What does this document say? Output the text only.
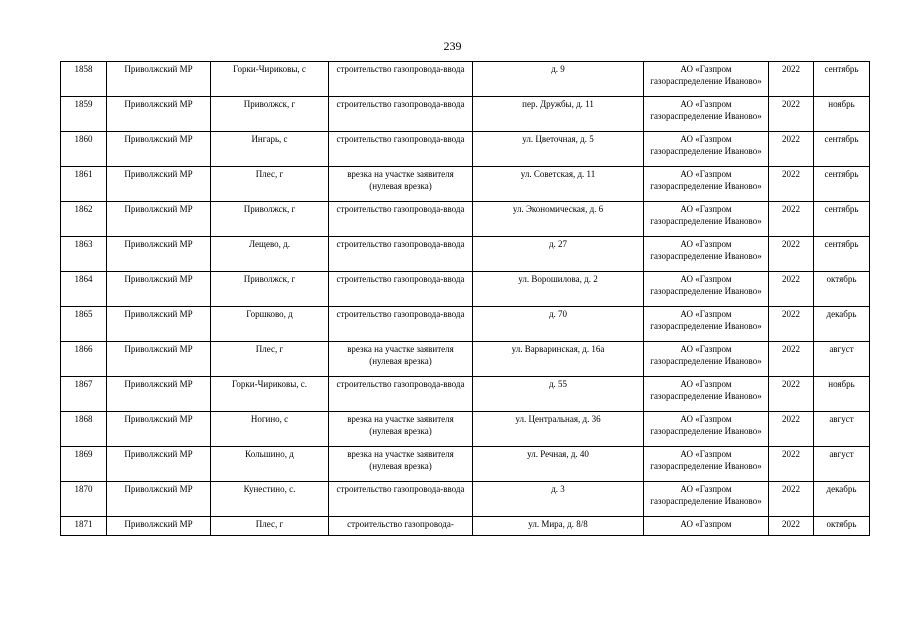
239
1858	Приволжский МР	Горки-Чириковы, с	строительство газопровода-ввода	д. 9	АО «Газпром газораспределение Иваново»	2022	сентябрь
1859	Приволжский МР	Приволжск, г	строительство газопровода-ввода	пер. Дружбы, д. 11	АО «Газпром газораспределение Иваново»	2022	ноябрь
1860	Приволжский МР	Ингарь, с	строительство газопровода-ввода	ул. Цветочная, д. 5	АО «Газпром газораспределение Иваново»	2022	сентябрь
1861	Приволжский МР	Плес, г	врезка на участке заявителя (нулевая врезка)	ул. Советская, д. 11	АО «Газпром газораспределение Иваново»	2022	сентябрь
1862	Приволжский МР	Приволжск, г	строительство газопровода-ввода	ул. Экономическая, д. 6	АО «Газпром газораспределение Иваново»	2022	сентябрь
1863	Приволжский МР	Лещево, д.	строительство газопровода-ввода	д. 27	АО «Газпром газораспределение Иваново»	2022	сентябрь
1864	Приволжский МР	Приволжск, г	строительство газопровода-ввода	ул. Ворошилова, д. 2	АО «Газпром газораспределение Иваново»	2022	октябрь
1865	Приволжский МР	Горшково, д	строительство газопровода-ввода	д. 70	АО «Газпром газораспределение Иваново»	2022	декабрь
1866	Приволжский МР	Плес, г	врезка на участке заявителя (нулевая врезка)	ул. Варваринская, д. 16а	АО «Газпром газораспределение Иваново»	2022	август
1867	Приволжский МР	Горки-Чириковы, с.	строительство газопровода-ввода	д. 55	АО «Газпром газораспределение Иваново»	2022	ноябрь
1868	Приволжский МР	Ногино, с	врезка на участке заявителя (нулевая врезка)	ул. Центральная, д. 36	АО «Газпром газораспределение Иваново»	2022	август
1869	Приволжский МР	Кольшино, д	врезка на участке заявителя (нулевая врезка)	ул. Речная, д. 40	АО «Газпром газораспределение Иваново»	2022	август
1870	Приволжский МР	Кунестино, с.	строительство газопровода-ввода	д. 3	АО «Газпром газораспределение Иваново»	2022	декабрь
1871	Приволжский МР	Плес, г	строительство газопровода-	ул. Мира, д. 8/8	АО «Газпром	2022	октябрь
